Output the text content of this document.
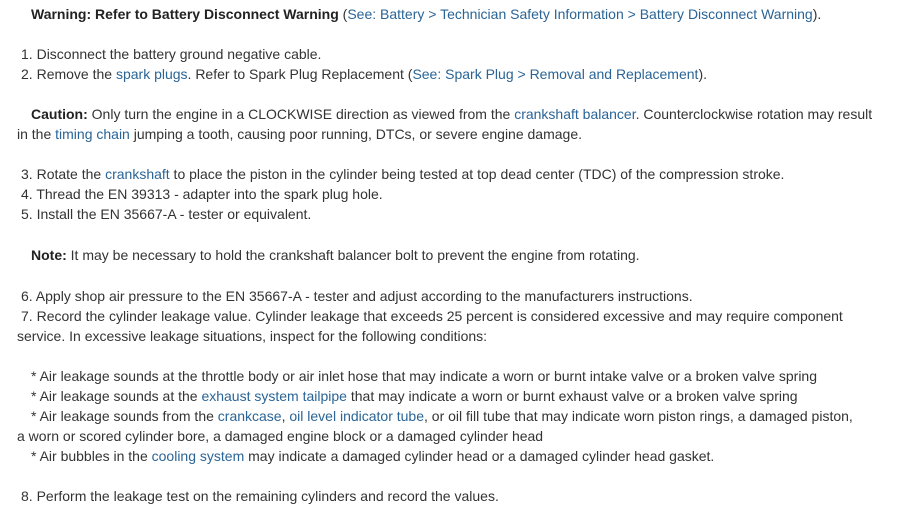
Warning: Refer to Battery Disconnect Warning (See: Battery > Technician Safety Information > Battery Disconnect Warning).
1. Disconnect the battery ground negative cable.
2. Remove the spark plugs. Refer to Spark Plug Replacement (See: Spark Plug > Removal and Replacement).
Caution: Only turn the engine in a CLOCKWISE direction as viewed from the crankshaft balancer. Counterclockwise rotation may result
in the timing chain jumping a tooth, causing poor running, DTCs, or severe engine damage.
3. Rotate the crankshaft to place the piston in the cylinder being tested at top dead center (TDC) of the compression stroke.
4. Thread the EN 39313 - adapter into the spark plug hole.
5. Install the EN 35667-A - tester or equivalent.
Note: It may be necessary to hold the crankshaft balancer bolt to prevent the engine from rotating.
6. Apply shop air pressure to the EN 35667-A - tester and adjust according to the manufacturers instructions.
7. Record the cylinder leakage value. Cylinder leakage that exceeds 25 percent is considered excessive and may require component
service. In excessive leakage situations, inspect for the following conditions:
* Air leakage sounds at the throttle body or air inlet hose that may indicate a worn or burnt intake valve or a broken valve spring
* Air leakage sounds at the exhaust system tailpipe that may indicate a worn or burnt exhaust valve or a broken valve spring
* Air leakage sounds from the crankcase, oil level indicator tube, or oil fill tube that may indicate worn piston rings, a damaged piston,
a worn or scored cylinder bore, a damaged engine block or a damaged cylinder head
* Air bubbles in the cooling system may indicate a damaged cylinder head or a damaged cylinder head gasket.
8. Perform the leakage test on the remaining cylinders and record the values.
